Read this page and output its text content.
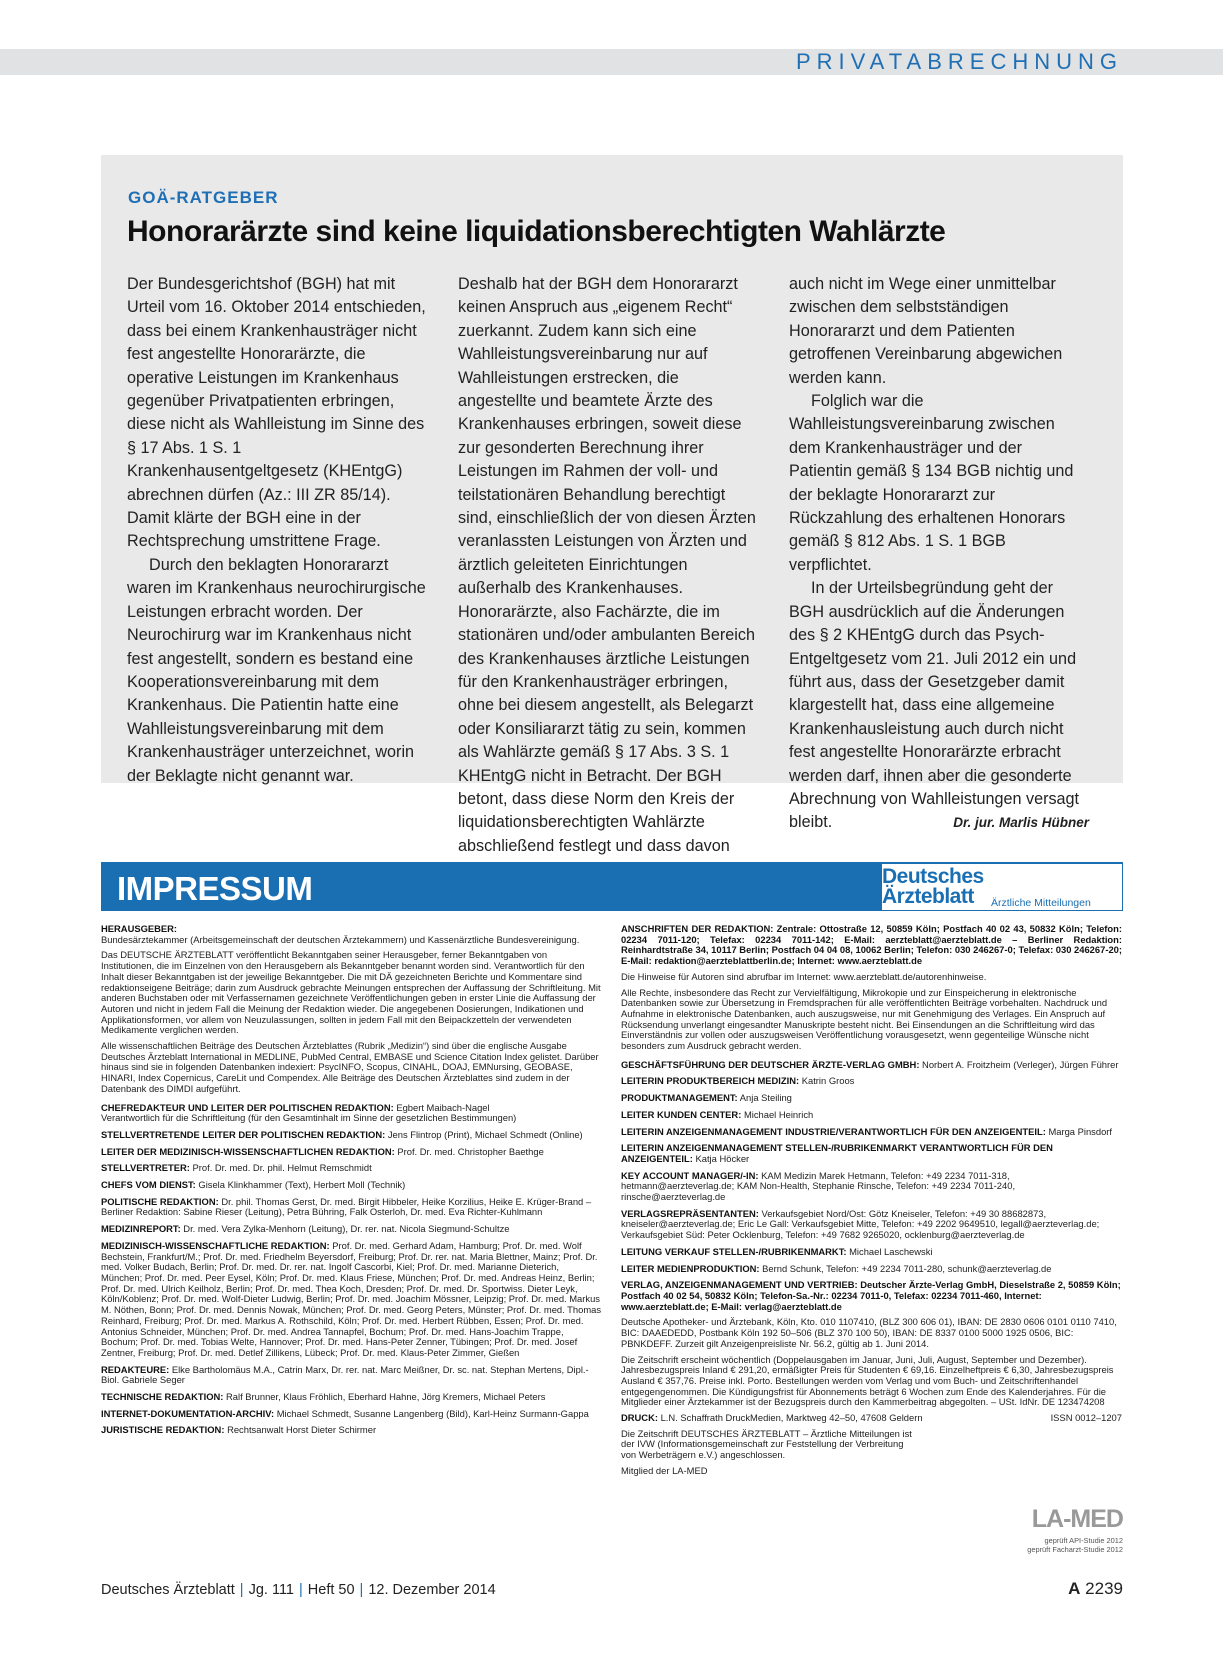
PRIVATABRECHNUNG
GOÄ-RATGEBER
Honorarärzte sind keine liquidationsberechtigten Wahlärzte

Der Bundesgerichtshof (BGH) hat mit Urteil vom 16. Oktober 2014 entschieden, dass bei einem Krankenhausträger nicht fest angestellte Honorarärzte, die operative Leistungen im Krankenhaus gegenüber Privatpatienten erbringen, diese nicht als Wahlleistung im Sinne des § 17 Abs. 1 S. 1 Krankenhausentgeltgesetz (KHEntgG) abrechnen dürfen (Az.: III ZR 85/14). Damit klärte der BGH eine in der Rechtsprechung umstrittene Frage.

Durch den beklagten Honorararzt waren im Krankenhaus neurochirurgische Leistungen erbracht worden. Der Neurochirurg war im Krankenhaus nicht fest angestellt, sondern es bestand eine Kooperationsvereinbarung mit dem Krankenhaus. Die Patientin hatte eine Wahlleistungsvereinbarung mit dem Krankenhausträger unterzeichnet, worin der Beklagte nicht genannt war.

Deshalb hat der BGH dem Honorararzt keinen Anspruch aus „eigenem Recht“ zuerkannt. Zudem kann sich eine Wahlleistungsvereinbarung nur auf Wahlleistungen erstrecken, die angestellte und beamtete Ärzte des Krankenhauses erbringen, soweit diese zur gesonderten Berechnung ihrer Leistungen im Rahmen der voll- und teilstationären Behandlung berechtigt sind, einschließlich der von diesen Ärzten veranlassten Leistungen von Ärzten und ärztlich geleiteten Einrichtungen außerhalb des Krankenhauses. Honorarärzte, also Fachärzte, die im stationären und/oder ambulanten Bereich des Krankenhauses ärztliche Leistungen für den Krankenhausträger erbringen, ohne bei diesem angestellt, als Belegarzt oder Konsiliararzt tätig zu sein, kommen als Wahlärzte gemäß § 17 Abs. 3 S. 1 KHEntgG nicht in Betracht. Der BGH betont, dass diese Norm den Kreis der liquidationsberechtigten Wahlärzte abschließend festlegt und dass davon

auch nicht im Wege einer unmittelbar zwischen dem selbstständigen Honorararzt und dem Patienten getroffenen Vereinbarung abgewichen werden kann.

Folglich war die Wahlleistungsvereinbarung zwischen dem Krankenhausträger und der Patientin gemäß § 134 BGB nichtig und der beklagte Honorararzt zur Rückzahlung des erhaltenen Honorars gemäß § 812 Abs. 1 S. 1 BGB verpflichtet.

In der Urteilsbegründung geht der BGH ausdrücklich auf die Änderungen des § 2 KHEntgG durch das Psych-Entgeltgesetz vom 21. Juli 2012 ein und führt aus, dass der Gesetzgeber damit klargestellt hat, dass eine allgemeine Krankenhausleistung auch durch nicht fest angestellte Honorarärzte erbracht werden darf, ihnen aber die gesonderte Abrechnung von Wahlleistungen versagt bleibt.	Dr. jur. Marlis Hübner

IMPRESSUM	Deutsches
Ärzteblatt Ärztliche Mitteilungen
HERAUSGEBER:
Bundesärztekammer (Arbeitsgemeinschaft der deutschen Ärztekammern) und Kassenärztliche Bundesvereinigung.
Das DEUTSCHE ÄRZTEBLATT veröffentlicht Bekanntgaben seiner Herausgeber, ferner Bekanntgaben von Institutionen, die im Einzelnen von den Herausgebern als Bekanntgeber benannt worden sind. Verantwortlich für den Inhalt dieser Bekanntgaben ist der jeweilige Bekanntgeber. Die mit DÄ gezeichneten Berichte und Kommentare sind redaktionseigene Beiträge; darin zum Ausdruck gebrachte Meinungen entsprechen der Auffassung der Schriftleitung. Mit anderen Buchstaben oder mit Verfassernamen gezeichnete Veröffentlichungen geben in erster Linie die Auffassung der Autoren und nicht in jedem Fall die Meinung der Redaktion wieder. Die angegebenen Dosierungen, Indikationen und Applikationsformen, vor allem von Neuzulassungen, sollten in jedem Fall mit den Beipackzetteln der verwendeten Medikamente verglichen werden.
Alle wissenschaftlichen Beiträge des Deutschen Ärzteblattes (Rubrik „Medizin“) sind über die englische Ausgabe Deutsches Ärzteblatt International in MEDLINE, PubMed Central, EMBASE und Science Citation Index gelistet. Darüber hinaus sind sie in folgenden Datenbanken indexiert: PsycINFO, Scopus, CINAHL, DOAJ, EMNursing, GEOBASE, HINARI, Index Copernicus, CareLit und Compendex. Alle Beiträge des Deutschen Ärzteblattes sind zudem in der Datenbank des DIMDI aufgeführt.
CHEFREDAKTEUR UND LEITER DER POLITISCHEN REDAKTION: Egbert Maibach-Nagel
Verantwortlich für die Schriftleitung (für den Gesamtinhalt im Sinne der gesetzlichen Bestimmungen)
STELLVERTRETENDE LEITER DER POLITISCHEN REDAKTION: Jens Flintrop (Print), Michael Schmedt (Online)
LEITER DER MEDIZINISCH-WISSENSCHAFTLICHEN REDAKTION: Prof. Dr. med. Christopher Baethge
STELLVERTRETER: Prof. Dr. med. Dr. phil. Helmut Remschmidt
CHEFS VOM DIENST: Gisela Klinkhammer (Text), Herbert Moll (Technik)
POLITISCHE REDAKTION: Dr. phil. Thomas Gerst, Dr. med. Birgit Hibbeler, Heike Korzilius, Heike E. Krüger-Brand – Berliner Redaktion: Sabine Rieser (Leitung), Petra Bühring, Falk Osterloh, Dr. med. Eva Richter-Kuhlmann
MEDIZINREPORT: Dr. med. Vera Zylka-Menhorn (Leitung), Dr. rer. nat. Nicola Siegmund-Schultze
MEDIZINISCH-WISSENSCHAFTLICHE REDAKTION: Prof. Dr. med. Gerhard Adam, Hamburg; Prof. Dr. med. Wolf Bechstein, Frankfurt/M.; Prof. Dr. med. Friedhelm Beyersdorf, Freiburg; Prof. Dr. rer. nat. Maria Blettner, Mainz; Prof. Dr. med. Volker Budach, Berlin; Prof. Dr. med. Dr. rer. nat. Ingolf Cascorbi, Kiel; Prof. Dr. med. Marianne Dieterich, München; Prof. Dr. med. Peer Eysel, Köln; Prof. Dr. med. Klaus Friese, München; Prof. Dr. med. Andreas Heinz, Berlin; Prof. Dr. med. Ulrich Keilholz, Berlin; Prof. Dr. med. Thea Koch, Dresden; Prof. Dr. med. Dr. Sportwiss. Dieter Leyk, Köln/Koblenz; Prof. Dr. med. Wolf-Dieter Ludwig, Berlin; Prof. Dr. med. Joachim Mössner, Leipzig; Prof. Dr. med. Markus M. Nöthen, Bonn; Prof. Dr. med. Dennis Nowak, München; Prof. Dr. med. Georg Peters, Münster; Prof. Dr. med. Thomas Reinhard, Freiburg; Prof. Dr. med. Markus A. Rothschild, Köln; Prof. Dr. med. Herbert Rübben, Essen; Prof. Dr. med. Antonius Schneider, München; Prof. Dr. med. Andrea Tannapfel, Bochum; Prof. Dr. med. Hans-Joachim Trappe, Bochum; Prof. Dr. med. Tobias Welte, Hannover; Prof. Dr. med. Hans-Peter Zenner, Tübingen; Prof. Dr. med. Josef Zentner, Freiburg; Prof. Dr. med. Detlef Zillikens, Lübeck; Prof. Dr. med. Klaus-Peter Zimmer, Gießen
REDAKTEURE: Elke Bartholomäus M.A., Catrin Marx, Dr. rer. nat. Marc Meißner, Dr. sc. nat. Stephan Mertens, Dipl.-Biol. Gabriele Seger
TECHNISCHE REDAKTION: Ralf Brunner, Klaus Fröhlich, Eberhard Hahne, Jörg Kremers, Michael Peters
INTERNET-DOKUMENTATION-ARCHIV: Michael Schmedt, Susanne Langenberg (Bild), Karl-Heinz Surmann-Gappa
JURISTISCHE REDAKTION: Rechtsanwalt Horst Dieter Schirmer
ANSCHRIFTEN DER REDAKTION: Zentrale: Ottostraße 12, 50859 Köln; Postfach 40 02 43, 50832 Köln; Telefon: 02234 7011-120; Telefax: 02234 7011-142; E-Mail: aerzteblatt@aerzteblatt.de – Berliner Redaktion: Reinhardtstraße 34, 10117 Berlin; Postfach 04 04 08, 10062 Berlin; Telefon: 030 246267-0; Telefax: 030 246267-20; E-Mail: redaktion@aerzteblattberlin.de; Internet: www.aerzteblatt.de
Die Hinweise für Autoren sind abrufbar im Internet: www.aerzteblatt.de/autorenhinweise.
Alle Rechte, insbesondere das Recht zur Vervielfältigung, Mikrokopie und zur Einspeicherung in elektronische Datenbanken sowie zur Übersetzung in Fremdsprachen für alle veröffentlichten Beiträge vorbehalten. Nachdruck und Aufnahme in elektronische Datenbanken, auch auszugsweise, nur mit Genehmigung des Verlages. Ein Anspruch auf Rücksendung unverlangt eingesandter Manuskripte besteht nicht. Bei Einsendungen an die Schriftleitung wird das Einverständnis zur vollen oder auszugsweisen Veröffentlichung vorausgesetzt, wenn gegenteilige Wünsche nicht besonders zum Ausdruck gebracht werden.
GESCHÄFTSFÜHRUNG DER DEUTSCHER ÄRZTE-VERLAG GMBH: Norbert A. Froitzheim (Verleger), Jürgen Führer
LEITERIN PRODUKTBEREICH MEDIZIN: Katrin Groos
PRODUKTMANAGEMENT: Anja Steiling
LEITER KUNDEN CENTER: Michael Heinrich
LEITERIN ANZEIGENMANAGEMENT INDUSTRIE/VERANTWORTLICH FÜR DEN ANZEIGENTEIL: Marga Pinsdorf
LEITERIN ANZEIGENMANAGEMENT STELLEN-/RUBRIKENMARKT VERANTWORTLICH FÜR DEN ANZEIGENTEIL: Katja Höcker
KEY ACCOUNT MANAGER/-IN: KAM Medizin Marek Hetmann, Telefon: +49 2234 7011-318, hetmann@aerzteverlag.de; KAM Non-Health, Stephanie Rinsche, Telefon: +49 2234 7011-240, rinsche@aerzteverlag.de
VERLAGSREPRÄSENTANTEN: Verkaufsgebiet Nord/Ost: Götz Kneiseler, Telefon: +49 30 88682873, kneiseler@aerzteverlag.de; Eric Le Gall: Verkaufsgebiet Mitte, Telefon: +49 2202 9649510, legall@aerzteverlag.de; Verkaufsgebiet Süd: Peter Ocklenburg, Telefon: +49 7682 9265020, ocklenburg@aerzteverlag.de
LEITUNG VERKAUF STELLEN-/RUBRIKENMARKT: Michael Laschewski
LEITER MEDIENPRODUKTION: Bernd Schunk, Telefon: +49 2234 7011-280, schunk@aerzteverlag.de
VERLAG, ANZEIGENMANAGEMENT UND VERTRIEB: Deutscher Ärzte-Verlag GmbH, Dieselstraße 2, 50859 Köln; Postfach 40 02 54, 50832 Köln; Telefon-Sa.-Nr.: 02234 7011-0, Telefax: 02234 7011-460, Internet: www.aerzteblatt.de; E-Mail: verlag@aerzteblatt.de
Deutsche Apotheker- und Ärztebank, Köln, Kto. 010 1107410, (BLZ 300 606 01), IBAN: DE 2830 0606 0101 0110 7410, BIC: DAAEDEDD, Postbank Köln 192 50–506 (BLZ 370 100 50), IBAN: DE 8337 0100 5000 1925 0506, BIC: PBNKDEFF. Zurzeit gilt Anzeigenpreisliste Nr. 56.2, gültig ab 1. Juni 2014.
Die Zeitschrift erscheint wöchentlich (Doppelausgaben im Januar, Juni, Juli, August, September und Dezember). Jahresbezugspreis Inland € 291,20, ermäßigter Preis für Studenten € 69,16. Einzelheftpreis € 6,30, Jahresbezugspreis Ausland € 357,76. Preise inkl. Porto. Bestellungen werden vom Verlag und vom Buch- und Zeitschriftenhandel entgegengenommen. Die Kündigungsfrist für Abonnements beträgt 6 Wochen zum Ende des Kalenderjahres. Für die Mitglieder einer Ärztekammer ist der Bezugspreis durch den Kammerbeitrag abgegolten. – USt. IdNr. DE 123474208
DRUCK: L.N. Schaffrath DruckMedien, Marktweg 42–50, 47608 Geldern	ISSN 0012–1207
Die Zeitschrift DEUTSCHES ÄRZTEBLATT – Ärztliche Mitteilungen ist der IVW (Informationsgemeinschaft zur Feststellung der Verbreitung von Werbeträgern e.V.) angeschlossen.
Mitglied der LA-MED
LA-MED
geprüft API-Studie 2012
geprüft Facharzt-Studie 2012
Deutsches Ärzteblatt | Jg. 111 | Heft 50 | 12. Dezember 2014	A 2239
